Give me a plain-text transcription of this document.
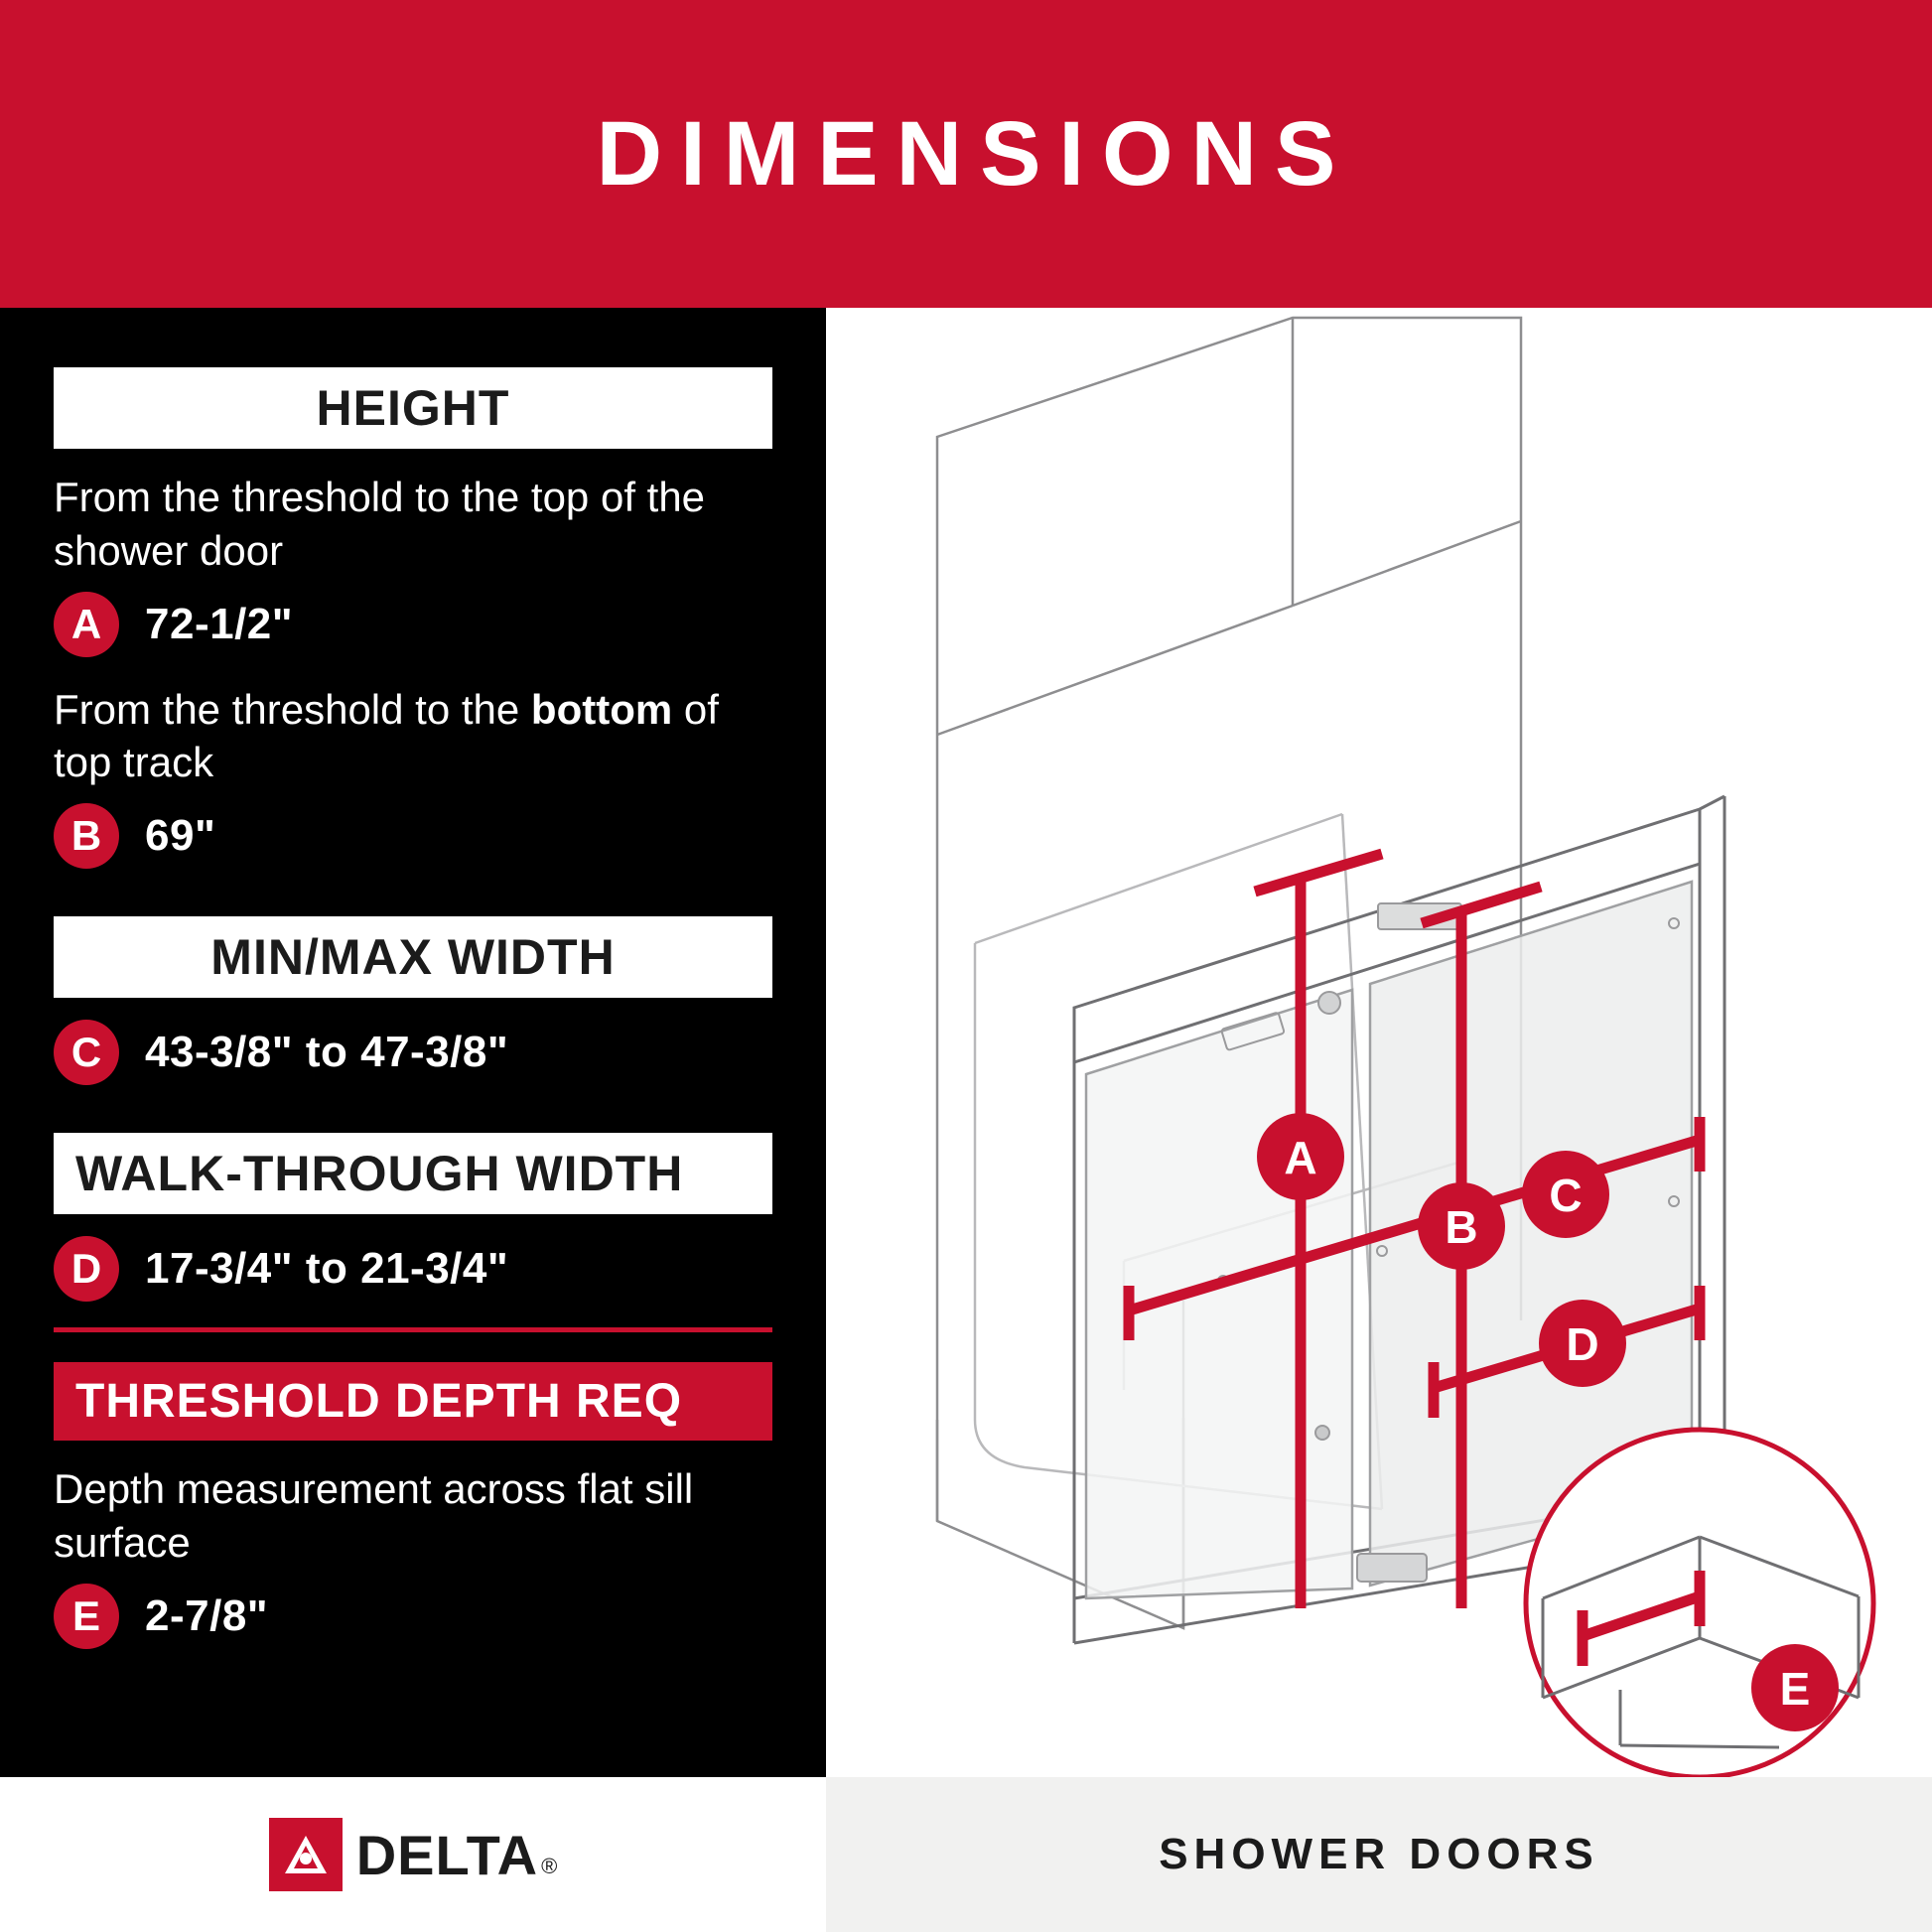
DIMENSIONS
HEIGHT

From the threshold to the top of the shower door

A 72-1/2"

From the threshold to the bottom of top track

B 69"
MIN/MAX WIDTH
C 43-3/8" to 47-3/8"
WALK-THROUGH WIDTH
D 17-3/4" to 21-3/4"
THRESHOLD DEPTH REQ

Depth measurement across flat sill surface

E	2-7/8"
A
B
C
D
E
DELTA ®	SHOWER DOORS
